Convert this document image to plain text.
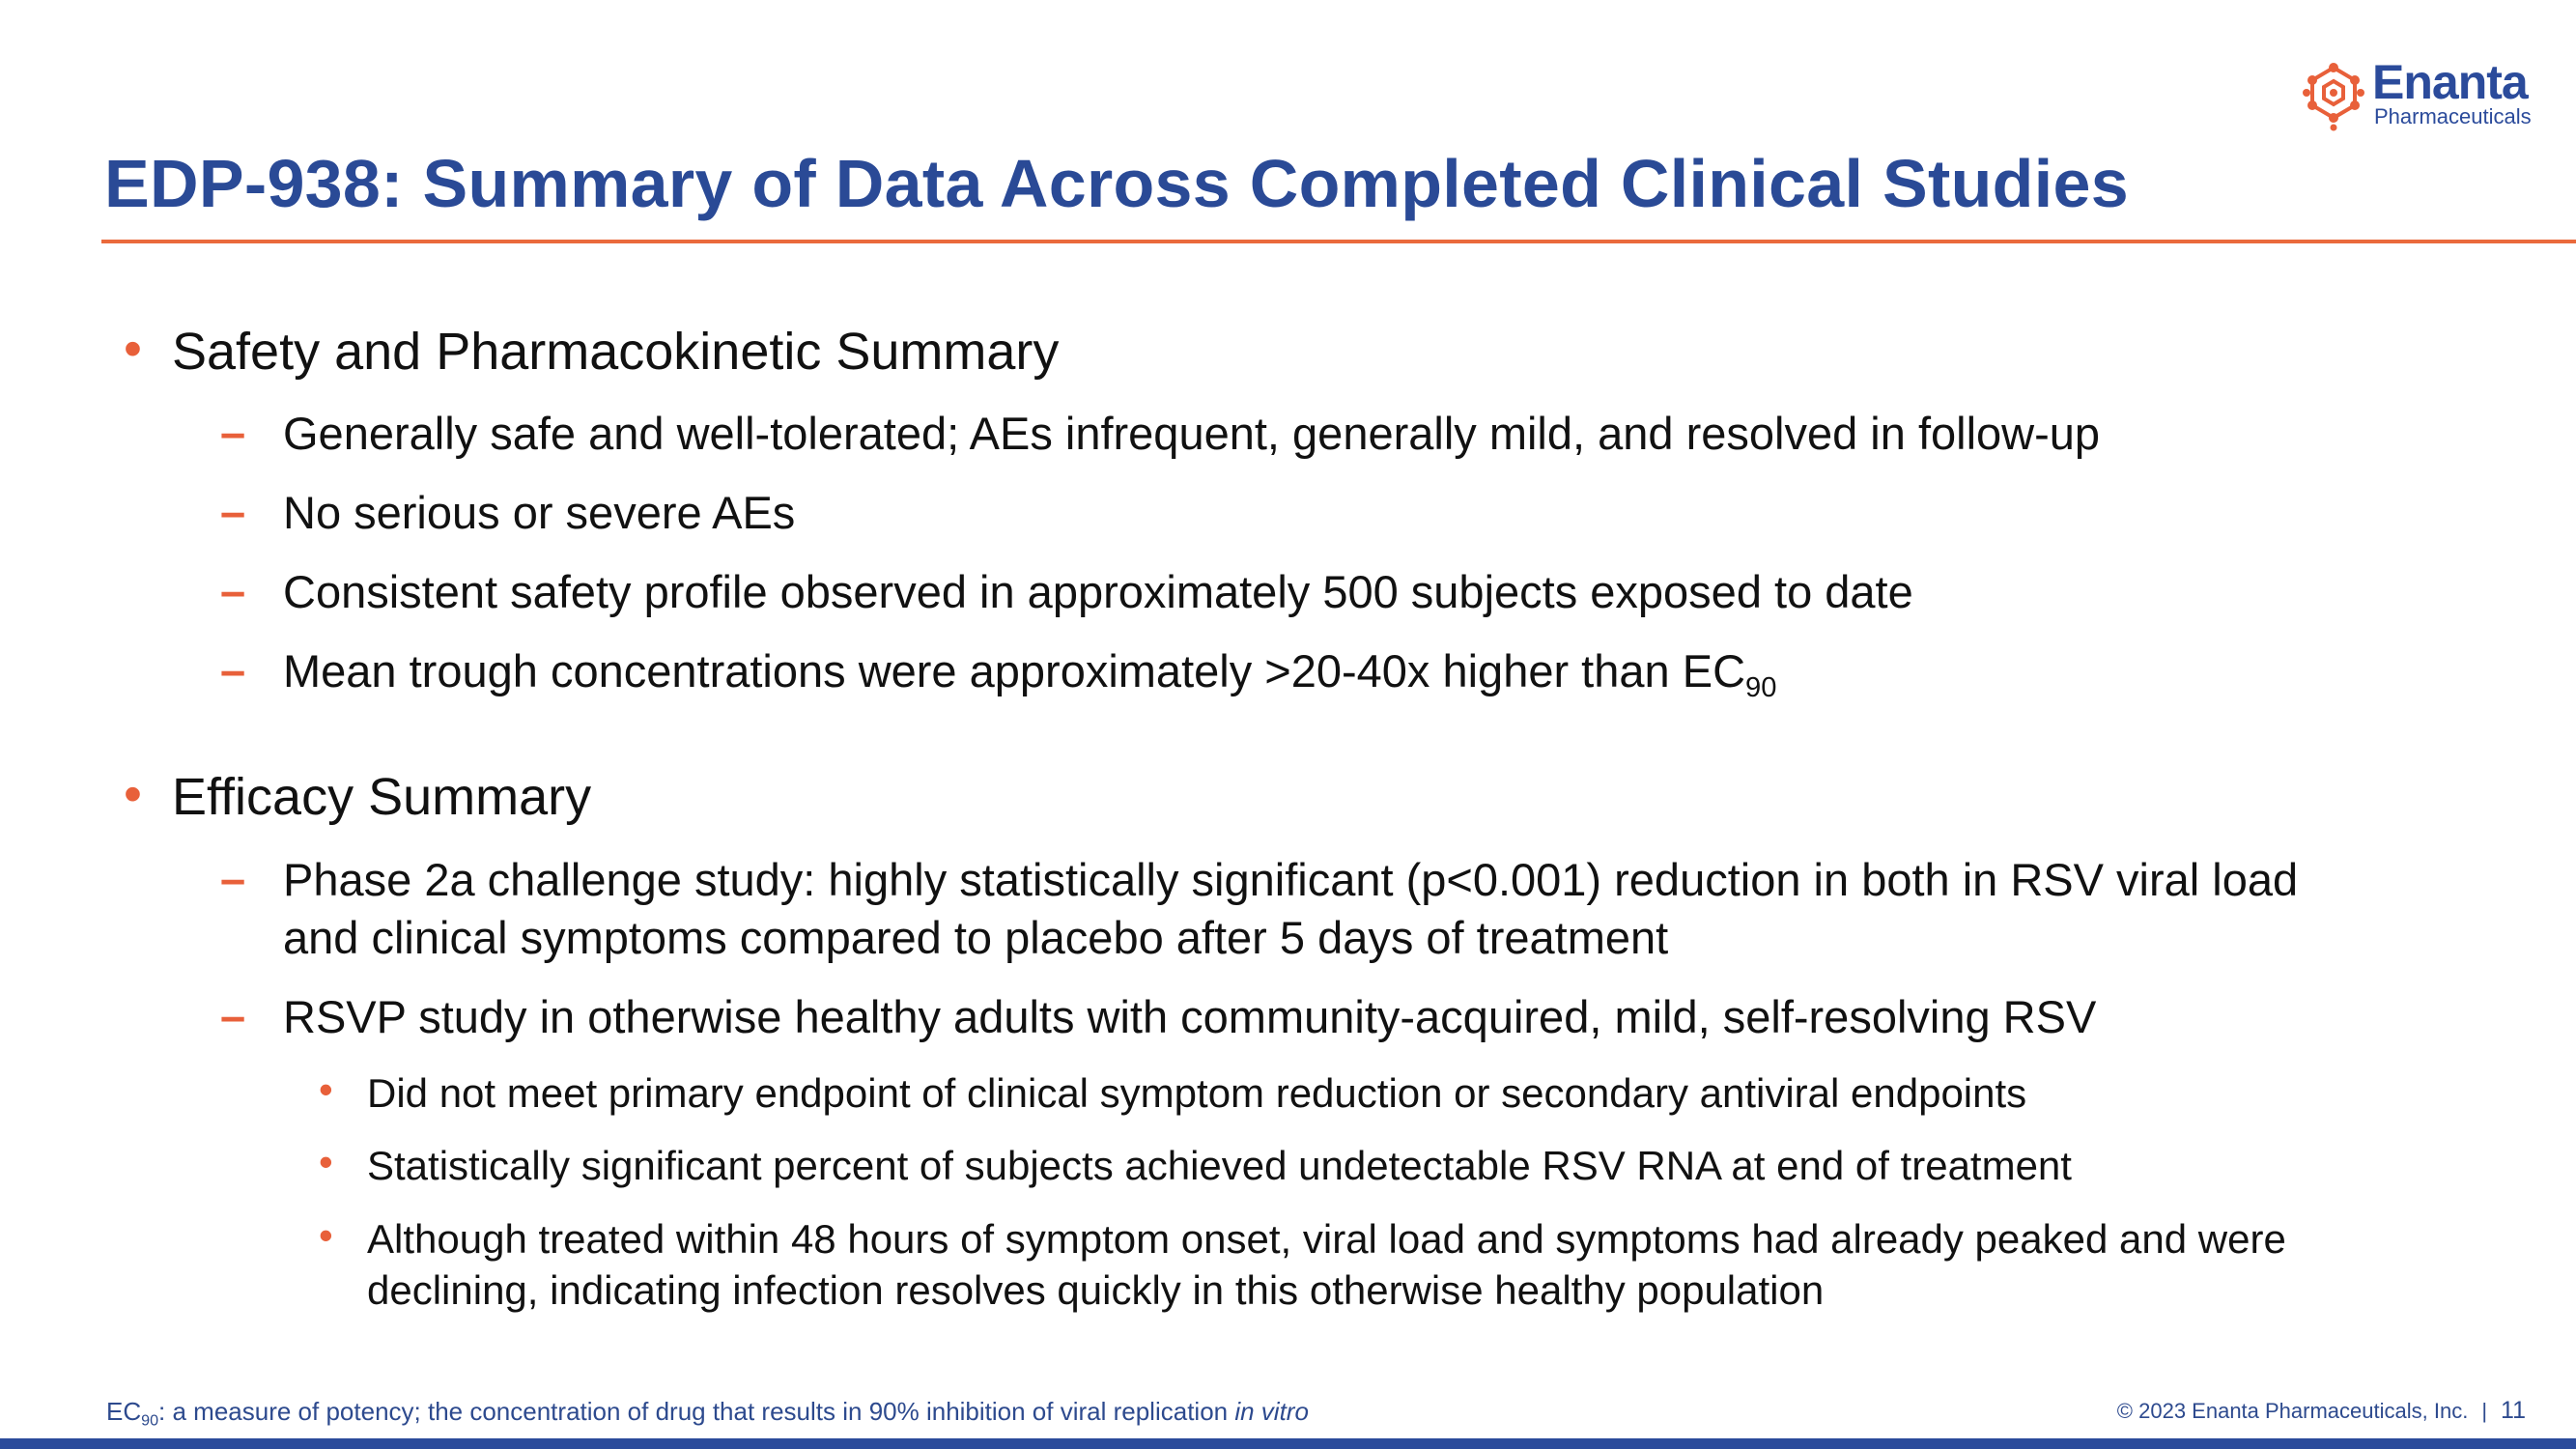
Enanta
Pharmaceuticals
EDP-938: Summary of Data Across Completed Clinical Studies
• Safety and Pharmacokinetic Summary
– Generally safe and well-tolerated; AEs infrequent, generally mild, and resolved in follow-up
– No serious or severe AEs
– Consistent safety profile observed in approximately 500 subjects exposed to date
– Mean trough concentrations were approximately >20-40x higher than $EC_{90}$
• Efficacy Summary
– Phase 2a challenge study: highly statistically significant (p<0.001) reduction in both in RSV viral load
and clinical symptoms compared to placebo after 5 days of treatment
– RSVP study in otherwise healthy adults with community-acquired, mild, self-resolving RSV
• Did not meet primary endpoint of clinical symptom reduction or secondary antiviral endpoints
• Statistically significant percent of subjects achieved undetectable RSV RNA at end of treatment
• Although treated within 48 hours of symptom onset, viral load and symptoms had already peaked and were
declining, indicating infection resolves quickly in this otherwise healthy population
$EC_{90}$: a measure of potency; the concentration of drug that results in 90% inhibition of viral replication in vitro	© 2023 Enanta Pharmaceuticals, Inc. | 11
